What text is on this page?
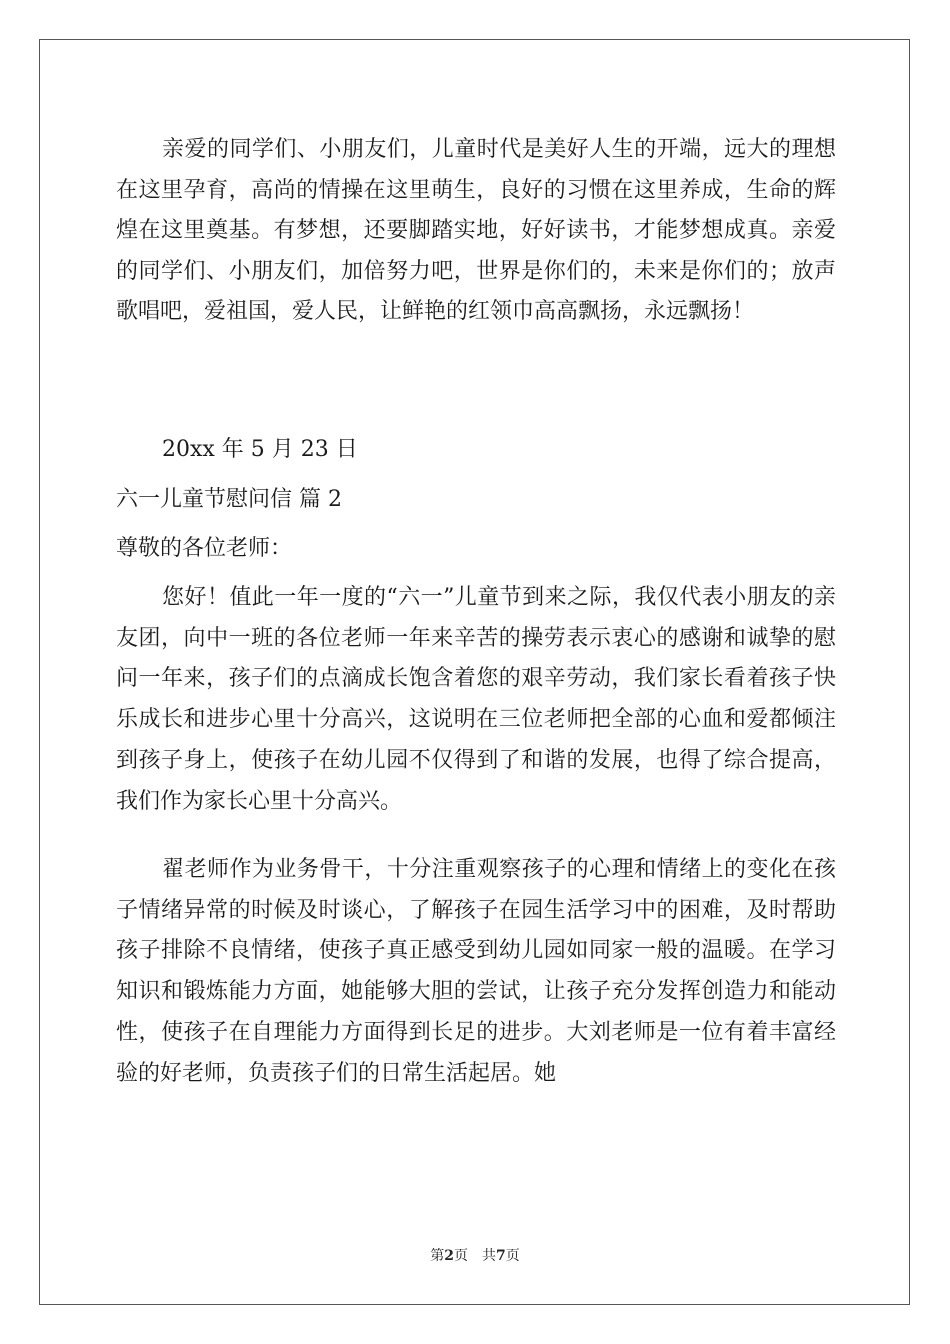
亲爱的同学们、小朋友们，儿童时代是美好人生的开端，远大的理想在这里孕育，高尚的情操在这里萌生，良好的习惯在这里养成，生命的辉煌在这里奠基。有梦想，还要脚踏实地，好好读书，才能梦想成真。亲爱的同学们、小朋友们，加倍努力吧，世界是你们的，未来是你们的；放声歌唱吧，爱祖国，爱人民，让鲜艳的红领巾高高飘扬，永远飘扬！

20xx 年 5 月 23 日

六一儿童节慰问信 篇 2

尊敬的各位老师：

您好！值此一年一度的“六一”儿童节到来之际，我仅代表小朋友的亲友团，向中一班的各位老师一年来辛苦的操劳表示衷心的感谢和诚挚的慰问一年来，孩子们的点滴成长饱含着您的艰辛劳动，我们家长看着孩子快乐成长和进步心里十分高兴，这说明在三位老师把全部的心血和爱都倾注到孩子身上，使孩子在幼儿园不仅得到了和谐的发展，也得了综合提高，我们作为家长心里十分高兴。

翟老师作为业务骨干，十分注重观察孩子的心理和情绪上的变化在孩子情绪异常的时候及时谈心，了解孩子在园生活学习中的困难，及时帮助孩子排除不良情绪，使孩子真正感受到幼儿园如同家一般的温暖。在学习知识和锻炼能力方面，她能够大胆的尝试，让孩子充分发挥创造力和能动性，使孩子在自理能力方面得到长足的进步。大刘老师是一位有着丰富经验的好老师，负责孩子们的日常生活起居。她

第2页 共7页
